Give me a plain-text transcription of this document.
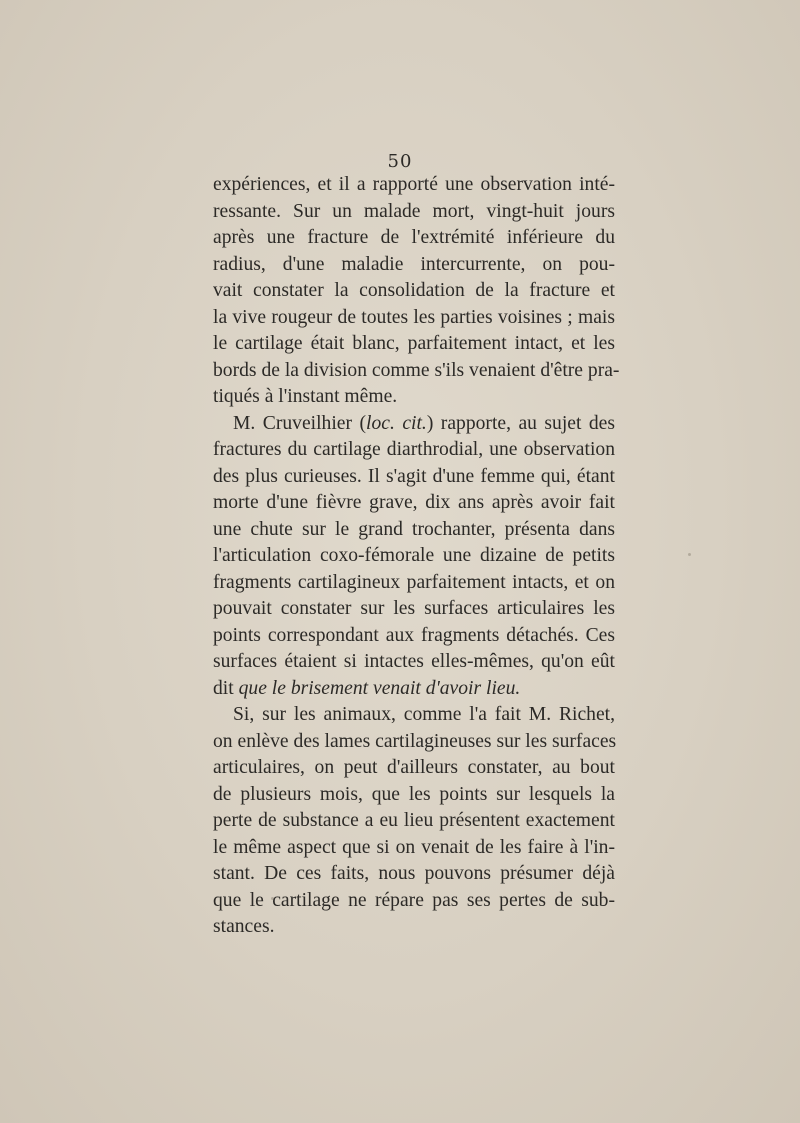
50
expériences, et il a rapporté une observation inté-
ressante. Sur un malade mort, vingt-huit jours
après une fracture de l'extrémité inférieure du
radius, d'une maladie intercurrente, on pou-
vait constater la consolidation de la fracture et
la vive rougeur de toutes les parties voisines ; mais
le cartilage était blanc, parfaitement intact, et les
bords de la division comme s'ils venaient d'être pra-
tiqués à l'instant même.
M. Cruveilhier (loc. cit.) rapporte, au sujet des
fractures du cartilage diarthrodial, une observation
des plus curieuses. Il s'agit d'une femme qui, étant
morte d'une fièvre grave, dix ans après avoir fait
une chute sur le grand trochanter, présenta dans
l'articulation coxo-fémorale une dizaine de petits
fragments cartilagineux parfaitement intacts, et on
pouvait constater sur les surfaces articulaires les
points correspondant aux fragments détachés. Ces
surfaces étaient si intactes elles-mêmes, qu'on eût
dit que le brisement venait d'avoir lieu.
Si, sur les animaux, comme l'a fait M. Richet,
on enlève des lames cartilagineuses sur les surfaces
articulaires, on peut d'ailleurs constater, au bout
de plusieurs mois, que les points sur lesquels la
perte de substance a eu lieu présentent exactement
le même aspect que si on venait de les faire à l'in-
stant. De ces faits, nous pouvons présumer déjà
que le cartilage ne répare pas ses pertes de sub-
stances.
